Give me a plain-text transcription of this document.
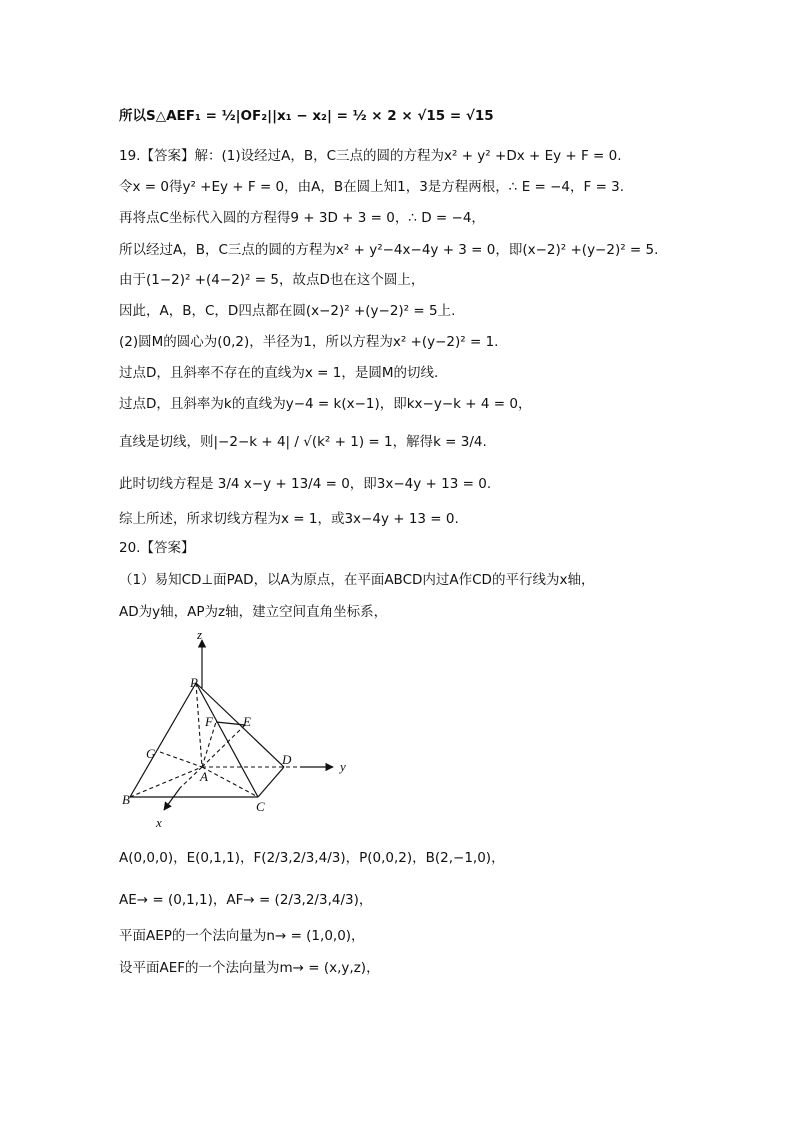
所以S△AEF₁ = ½|OF₂||x₁ − x₂| = ½ × 2 × √15 = √15
19.【答案】解：(1)设经过A，B，C三点的圆的方程为x² + y² +Dx + Ey + F = 0.
令x = 0得y² +Ey + F = 0，由A，B在圆上知1，3是方程两根，∴ E = −4，F = 3.
再将点C坐标代入圆的方程得9 + 3D + 3 = 0，∴ D = −4，
所以经过A，B，C三点的圆的方程为x² + y²−4x−4y + 3 = 0，即(x−2)² +(y−2)² = 5.
由于(1−2)² +(4−2)² = 5，故点D也在这个圆上，
因此，A，B，C，D四点都在圆(x−2)² +(y−2)² = 5上.
(2)圆M的圆心为(0,2)，半径为1，所以方程为x² +(y−2)² = 1.
过点D，且斜率不存在的直线为x = 1，是圆M的切线.
过点D，且斜率为k的直线为y−4 = k(x−1)，即kx−y−k + 4 = 0，
直线是切线，则|−2−k + 4| / √(k² + 1) = 1，解得k = 3/4.
此时切线方程是 3/4 x−y + 13/4 = 0，即3x−4y + 13 = 0.
综上所述，所求切线方程为x = 1，或3x−4y + 13 = 0.
20.【答案】
（1）易知CD⊥面PAD，以A为原点，在平面ABCD内过A作CD的平行线为x轴，
AD为y轴，AP为z轴，建立空间直角坐标系，
z
y
x
P
F E
G
A
D
B	C
A(0,0,0)，E(0,1,1)，F(2/3,2/3,4/3)，P(0,0,2)，B(2,−1,0)，
AE→ = (0,1,1)，AF→ = (2/3,2/3,4/3)，
平面AEP的一个法向量为n→ = (1,0,0)，
设平面AEF的一个法向量为m→ = (x,y,z)，
